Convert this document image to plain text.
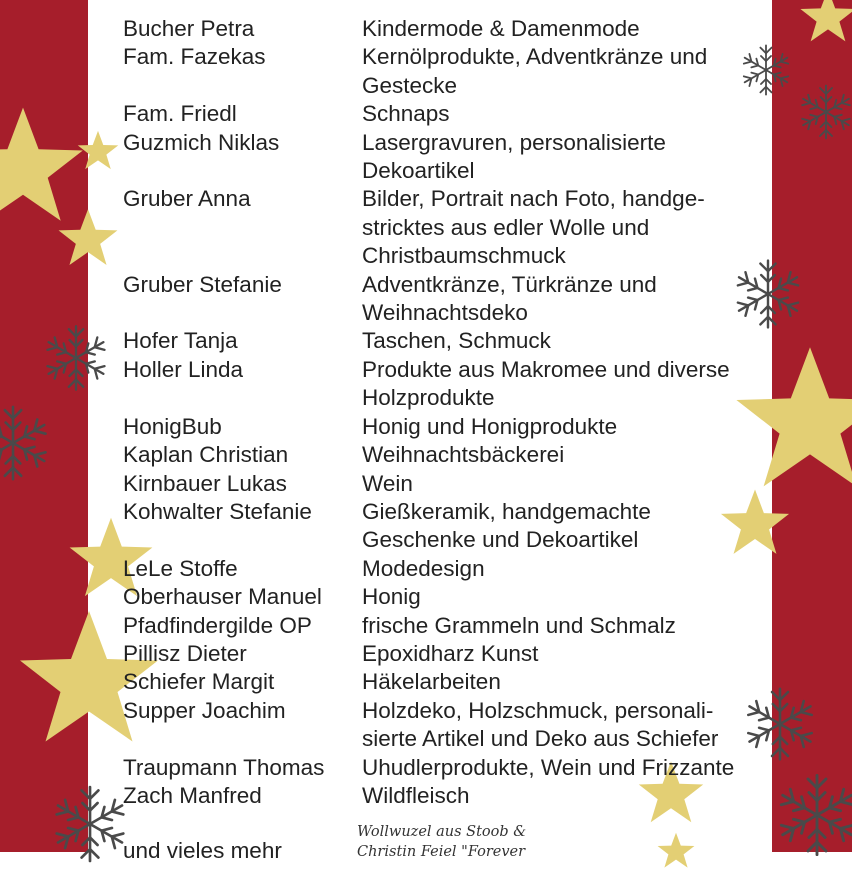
Bucher Petra	Kindermode & Damenmode
Fam. Fazekas	Kernölprodukte, Adventkränze und
Gestecke
Fam. Friedl	Schnaps
Guzmich Niklas	Lasergravuren, personalisierte
Dekoartikel
Gruber Anna	Bilder, Portrait nach Foto, handge-
stricktes aus edler Wolle und
Christbaumschmuck
Gruber Stefanie	Adventkränze, Türkränze und
Weihnachtsdeko
Hofer Tanja	Taschen, Schmuck
Holler Linda	Produkte aus Makromee und diverse
Holzprodukte
HonigBub	Honig und Honigprodukte
Kaplan Christian	Weihnachtsbäckerei
Kirnbauer Lukas	Wein
Kohwalter Stefanie	Gießkeramik, handgemachte
Geschenke und Dekoartikel
LeLe Stoffe	Modedesign
Oberhauser Manuel	Honig
Pfadfindergilde OP	frische Grammeln und Schmalz
Pillisz Dieter	Epoxidharz Kunst
Schiefer Margit	Häkelarbeiten
Supper Joachim	Holzdeko, Holzschmuck, personali-
sierte Artikel und Deko aus Schiefer
Traupmann Thomas	Uhudlerprodukte, Wein und Frizzante
Zach Manfred	Wildfleisch
Wollwuzel aus Stoob &
Christin Feiel "Forever
und vieles mehr
